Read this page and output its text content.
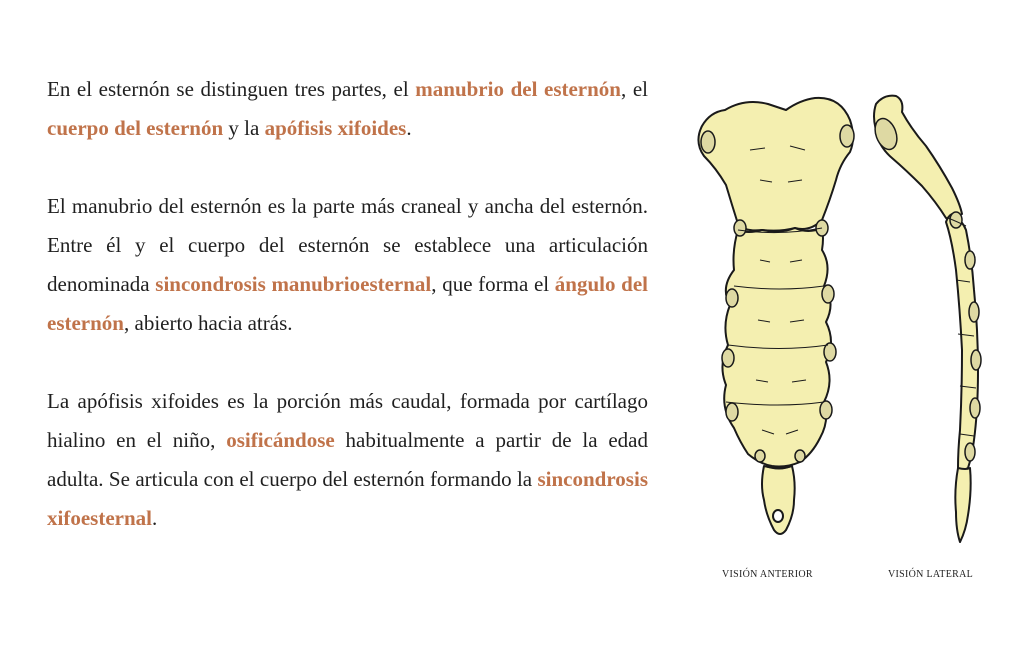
En el esternón se distinguen tres partes, el manubrio del esternón, el cuerpo del esternón y la apófisis xifoides.

El manubrio del esternón es la parte más craneal y ancha del esternón. Entre él y el cuerpo del esternón se establece una articulación denominada sincondrosis manubrioesternal, que forma el ángulo del esternón, abierto hacia atrás.

La apófisis xifoides es la porción más caudal, formada por cartílago hialino en el niño, osificándose habitualmente a partir de la edad adulta. Se articula con el cuerpo del esternón formando la sincondrosis xifoesternal.

VISIÓN ANTERIOR	VISIÓN LATERAL
